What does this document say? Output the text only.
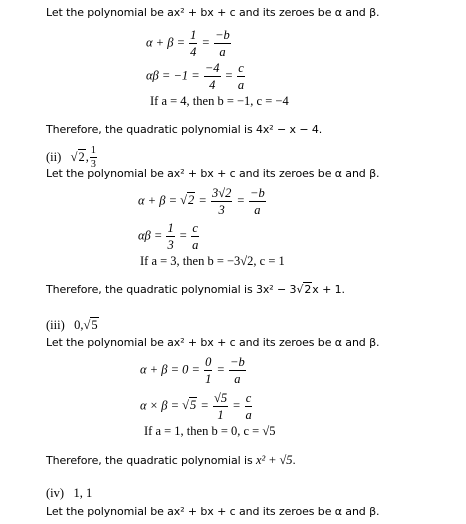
Let the polynomial be ax² + bx + c and its zeroes be α and β.
$\alpha + \beta = \frac{1}{4} = \frac{-b}{a}$
$\alpha\beta = -1 = \frac{-4}{4} = \frac{c}{a}$
If a = 4, then b = −1, c = −4
Therefore, the quadratic polynomial is 4x² − x − 4.
(ii) √2, $\frac{1}{3}$
Let the polynomial be ax² + bx + c and its zeroes be α and β.
$\alpha + \beta = √2 = \frac{3√2}{3} = \frac{-b}{a}$
$\alpha\beta = \frac{1}{3} = \frac{c}{a}$
If a = 3, then b = −3√2, c = 1
Therefore, the quadratic polynomial is 3x² − 3√2x + 1.
(iii) 0,√5
Let the polynomial be ax² + bx + c and its zeroes be α and β.
$\alpha + \beta = 0 = \frac{0}{1} = \frac{-b}{a}$
$\alpha \times \beta = √5 = \frac{√5}{1} = \frac{c}{a}$
If a = 1, then b = 0, c = √5
Therefore, the quadratic polynomial is x² + √5.
(iv) 1, 1
Let the polynomial be ax² + bx + c and its zeroes be α and β.
